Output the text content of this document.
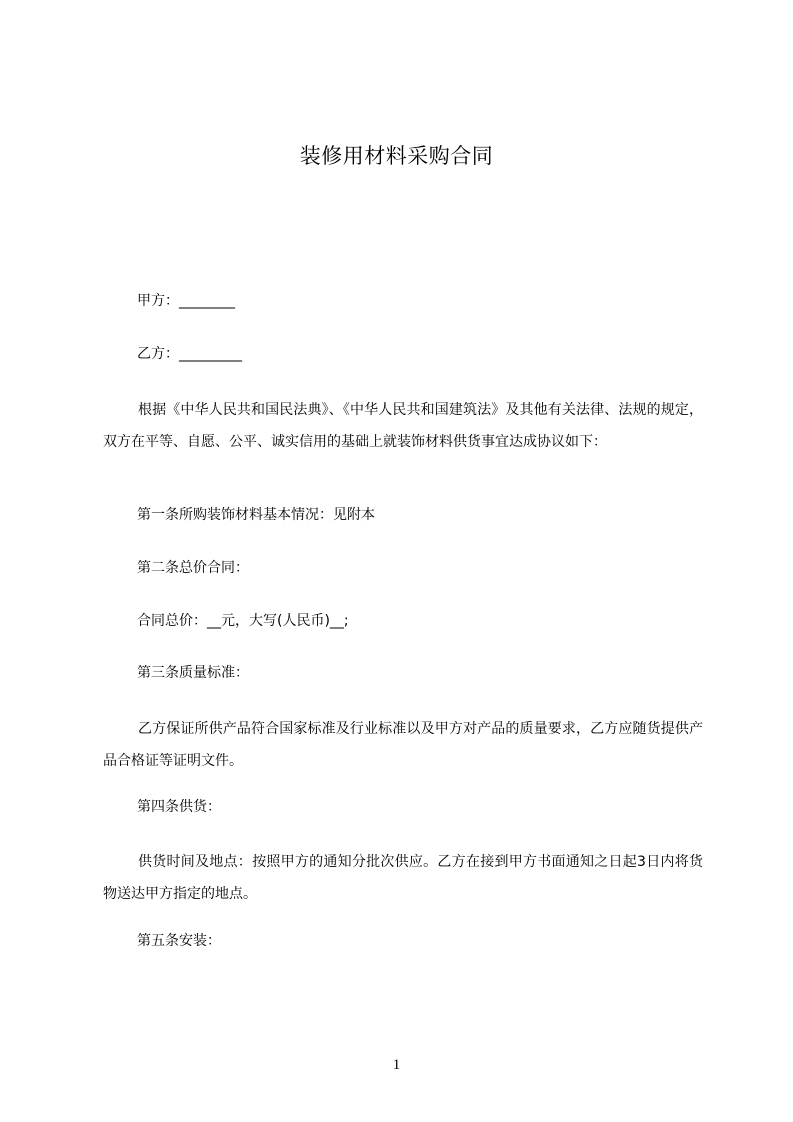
装修用材料采购合同
甲方：________
乙方：_________
根据《中华人民共和国民法典》、《中华人民共和国建筑法》及其他有关法律、法规的规定，双方在平等、自愿、公平、诚实信用的基础上就装饰材料供货事宜达成协议如下：
第一条所购装饰材料基本情况：见附本
第二条总价合同：
合同总价：__元，大写(人民币)__;
第三条质量标准：
乙方保证所供产品符合国家标准及行业标准以及甲方对产品的质量要求，乙方应随货提供产品合格证等证明文件。
第四条供货：
供货时间及地点：按照甲方的通知分批次供应。乙方在接到甲方书面通知之日起3日内将货物送达甲方指定的地点。
第五条安装：
1
